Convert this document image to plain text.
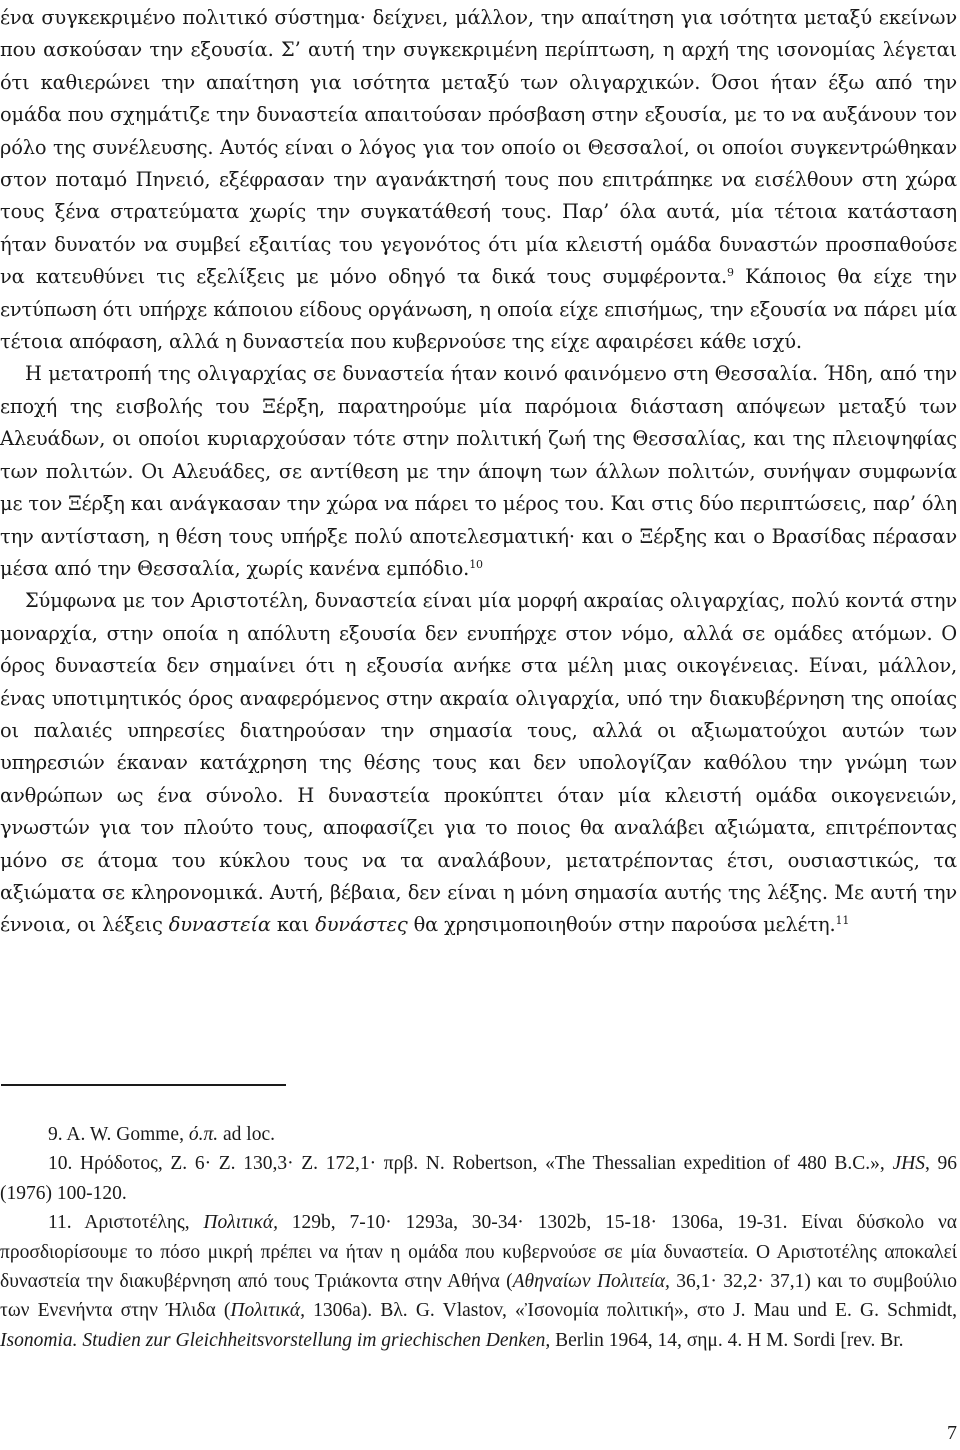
ένα συγκεκριμένο πολιτικό σύστημα· δείχνει, μάλλον, την απαίτηση για ισότητα μεταξύ εκείνων που ασκούσαν την εξουσία. Σ’ αυτή την συγκεκριμένη περίπτωση, η αρχή της ισονομίας λέγεται ότι καθιερώνει την απαίτηση για ισότητα μεταξύ των ολιγαρχικών. Όσοι ήταν έξω από την ομάδα που σχημάτιζε την δυναστεία απαιτούσαν πρόσβαση στην εξουσία, με το να αυξάνουν τον ρόλο της συνέλευσης. Αυτός είναι ο λόγος για τον οποίο οι Θεσσαλοί, οι οποίοι συγκεντρώθηκαν στον ποταμό Πηνειό, εξέφρασαν την αγανάκτησή τους που επιτράπηκε να εισέλθουν στη χώρα τους ξένα στρατεύματα χωρίς την συγκατάθεσή τους. Παρ’ όλα αυτά, μία τέτοια κατάσταση ήταν δυνατόν να συμβεί εξαιτίας του γεγονότος ότι μία κλειστή ομάδα δυναστών προσπαθούσε να κατευθύνει τις εξελίξεις με μόνο οδηγό τα δικά τους συμφέροντα.$^9$ Κάποιος θα είχε την εντύπωση ότι υπήρχε κάποιου είδους οργάνωση, η οποία είχε επισήμως, την εξουσία να πάρει μία τέτοια απόφαση, αλλά η δυναστεία που κυβερνούσε της είχε αφαιρέσει κάθε ισχύ.

Η μετατροπή της ολιγαρχίας σε δυναστεία ήταν κοινό φαινόμενο στη Θεσσαλία. Ήδη, από την εποχή της εισβολής του Ξέρξη, παρατηρούμε μία παρόμοια διάσταση απόψεων μεταξύ των Αλευάδων, οι οποίοι κυριαρχούσαν τότε στην πολιτική ζωή της Θεσσαλίας, και της πλειοψηφίας των πολιτών. Οι Αλευάδες, σε αντίθεση με την άποψη των άλλων πολιτών, συνήψαν συμφωνία με τον Ξέρξη και ανάγκασαν την χώρα να πάρει το μέρος του. Και στις δύο περιπτώσεις, παρ’ όλη την αντίσταση, η θέση τους υπήρξε πολύ αποτελεσματική· και ο Ξέρξης και ο Βρασίδας πέρασαν μέσα από την Θεσσαλία, χωρίς κανένα εμπόδιο.$^{10}$

Σύμφωνα με τον Αριστοτέλη, δυναστεία είναι μία μορφή ακραίας ολιγαρχίας, πολύ κοντά στην μοναρχία, στην οποία η απόλυτη εξουσία δεν ενυπήρχε στον νόμο, αλλά σε ομάδες ατόμων. Ο όρος δυναστεία δεν σημαίνει ότι η εξουσία ανήκε στα μέλη μιας οικογένειας. Είναι, μάλλον, ένας υποτιμητικός όρος αναφερόμενος στην ακραία ολιγαρχία, υπό την διακυβέρνηση της οποίας οι παλαιές υπηρεσίες διατηρούσαν την σημασία τους, αλλά οι αξιωματούχοι αυτών των υπηρεσιών έκαναν κατάχρηση της θέσης τους και δεν υπολογίζαν καθόλου την γνώμη των ανθρώπων ως ένα σύνολο. Η δυναστεία προκύπτει όταν μία κλειστή ομάδα οικογενειών, γνωστών για τον πλούτο τους, αποφασίζει για το ποιος θα αναλάβει αξιώματα, επιτρέποντας μόνο σε άτομα του κύκλου τους να τα αναλάβουν, μετατρέποντας έτσι, ουσιαστικώς, τα αξιώματα σε κληρονομικά. Αυτή, βέβαια, δεν είναι η μόνη σημασία αυτής της λέξης. Με αυτή την έννοια, οι λέξεις δυναστεία και δυνάστες θα χρησιμοποιηθούν στην παρούσα μελέτη.$^{11}$

9. A. W. Gomme, ό.π. ad loc.

10. Ηρόδοτος, Ζ. 6· Ζ. 130,3· Ζ. 172,1· πρβ. N. Robertson, «The Thessalian expedition of 480 B.C.», JHS, 96 (1976) 100-120.

11. Αριστοτέλης, Πολιτικά, 129b, 7-10· 1293a, 30-34· 1302b, 15-18· 1306a, 19-31. Είναι δύσκολο να προσδιορίσουμε το πόσο μικρή πρέπει να ήταν η ομάδα που κυβερνούσε σε μία δυναστεία. Ο Αριστοτέλης αποκαλεί δυναστεία την διακυβέρνηση από τους Τριάκοντα στην Αθήνα (Αθηναίων Πολιτεία, 36,1· 32,2· 37,1) και το συμβούλιο των Ενενήντα στην Ήλιδα (Πολιτικά, 1306a). Βλ. G. Vlastov, «Ἰσονομία πολιτική», στο J. Mau und E. G. Schmidt, Isonomia. Studien zur Gleichheitsvorstellung im griechischen Denken, Berlin 1964, 14, σημ. 4. Η M. Sordi [rev. Br.

7
